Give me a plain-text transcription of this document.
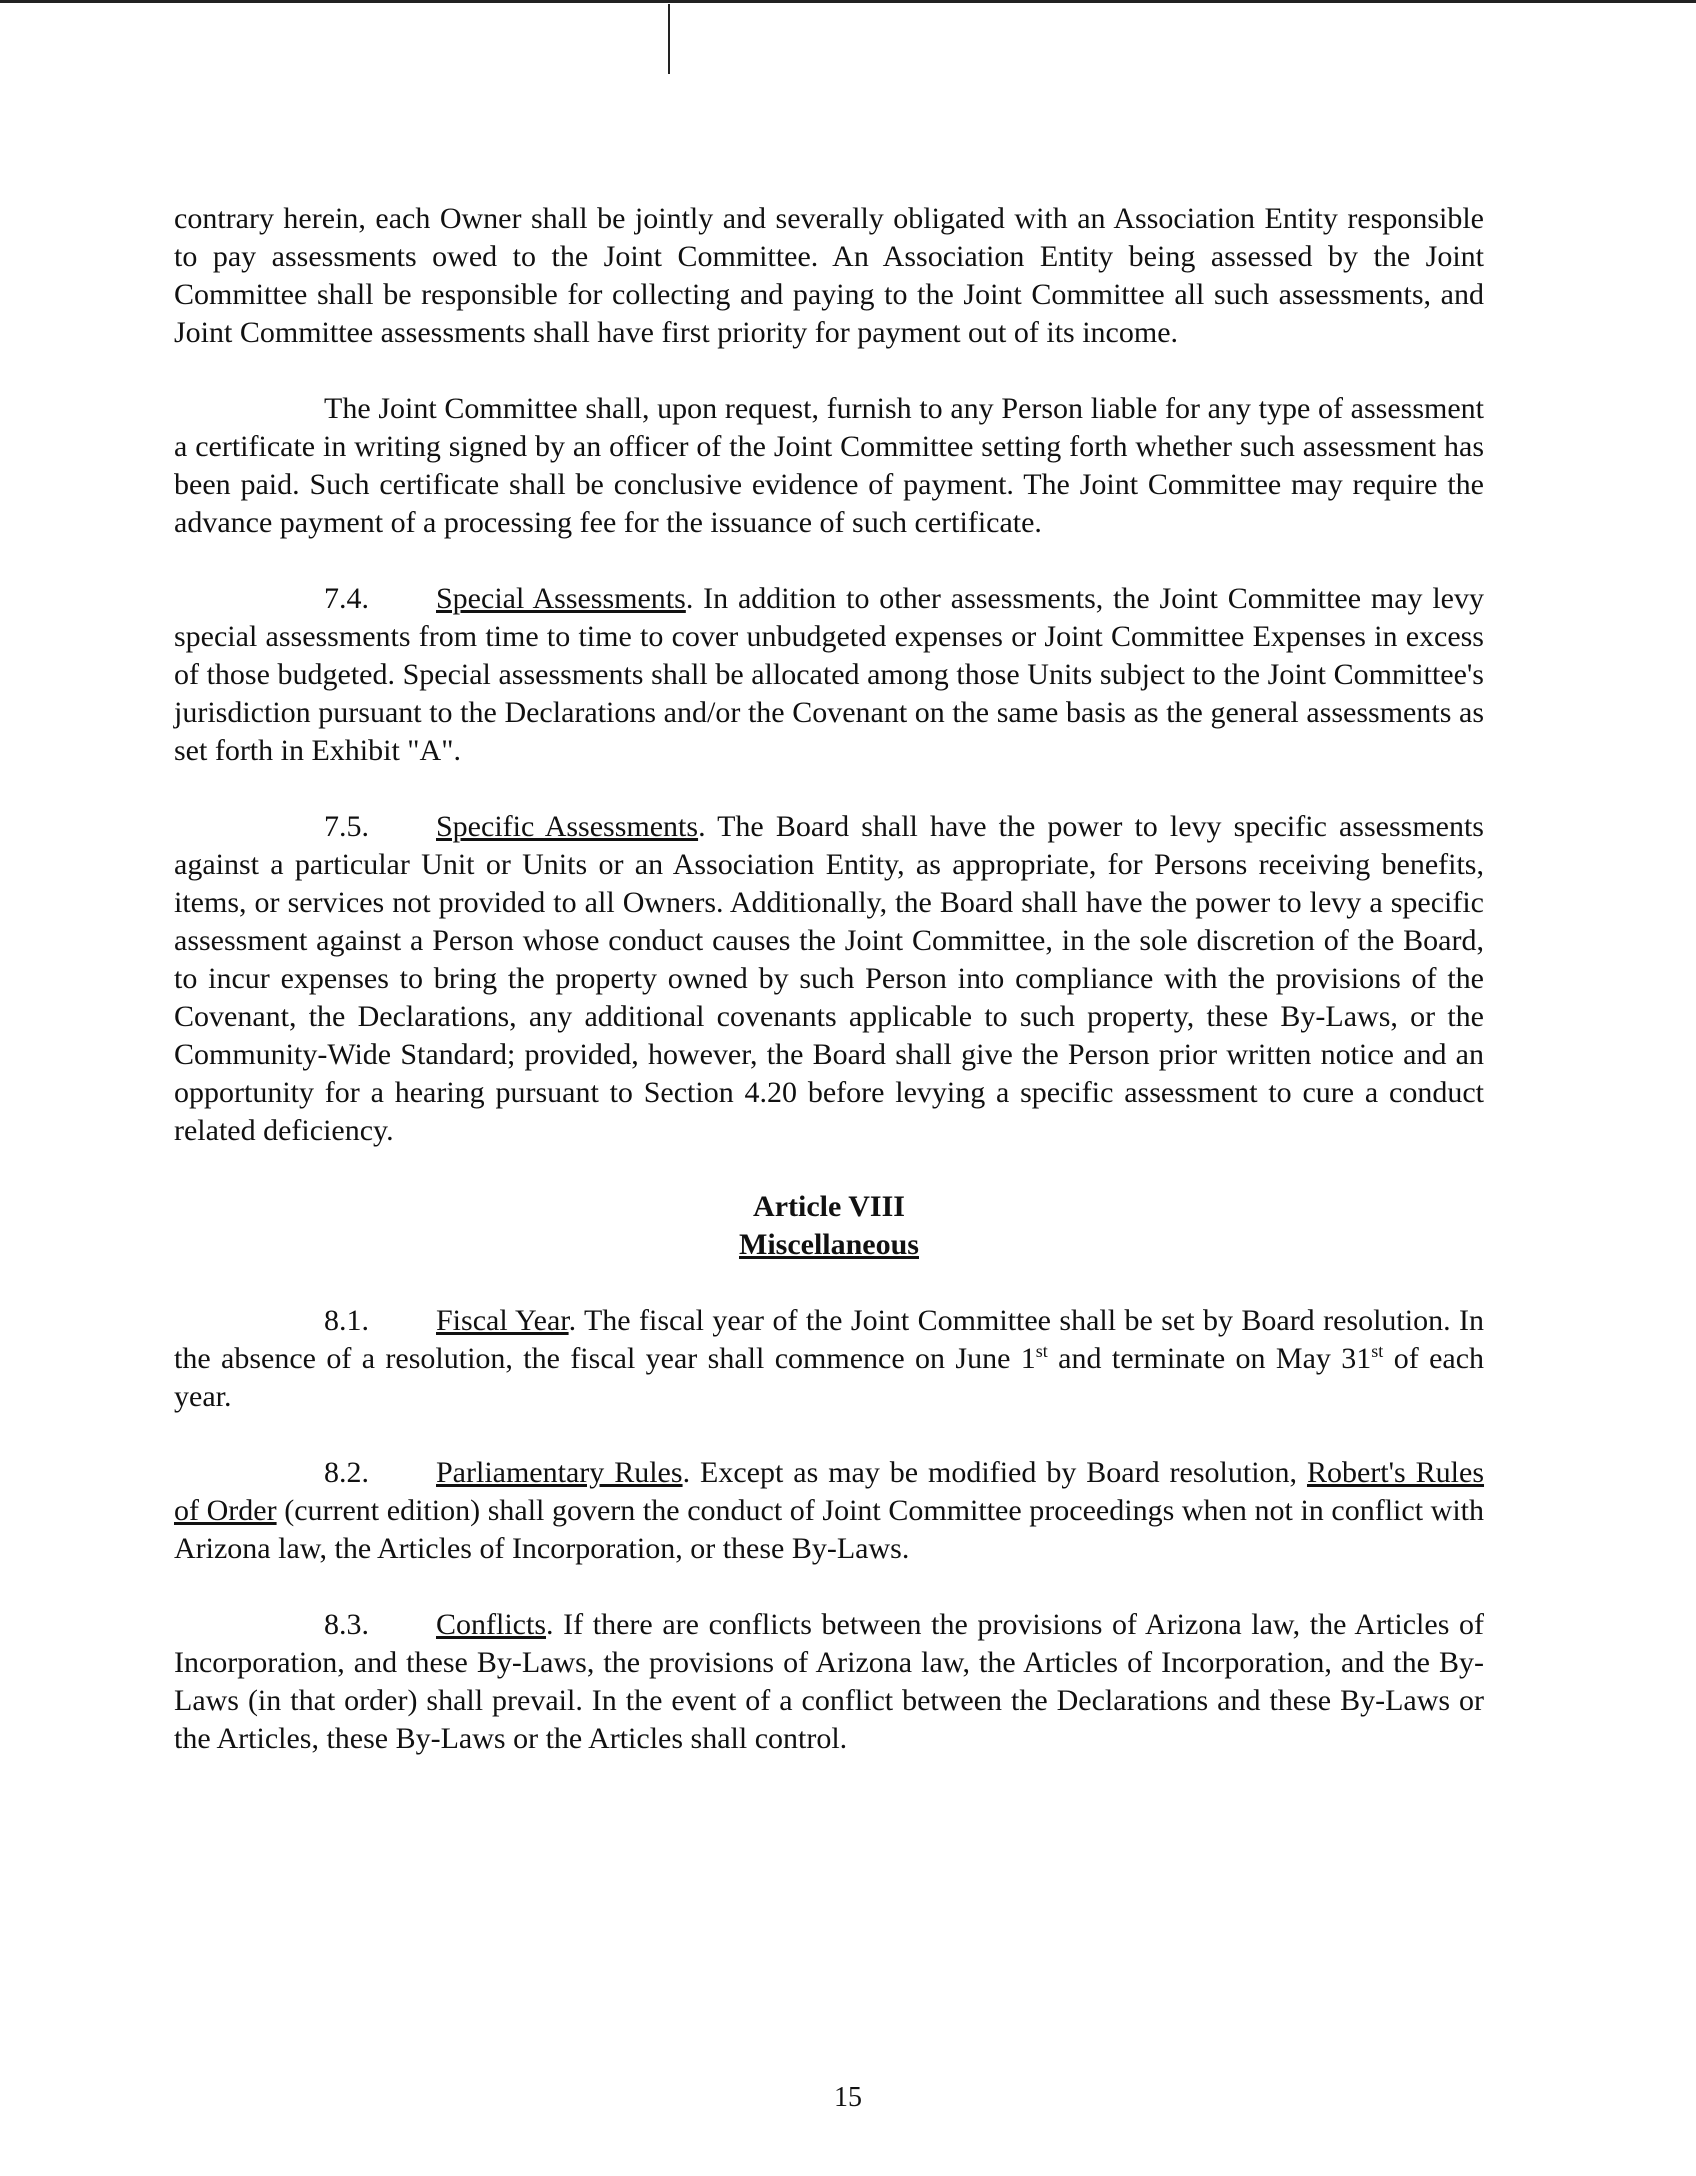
contrary herein, each Owner shall be jointly and severally obligated with an Association Entity responsible to pay assessments owed to the Joint Committee. An Association Entity being assessed by the Joint Committee shall be responsible for collecting and paying to the Joint Committee all such assessments, and Joint Committee assessments shall have first priority for payment out of its income.

The Joint Committee shall, upon request, furnish to any Person liable for any type of assessment a certificate in writing signed by an officer of the Joint Committee setting forth whether such assessment has been paid. Such certificate shall be conclusive evidence of payment. The Joint Committee may require the advance payment of a processing fee for the issuance of such certificate.

7.4. Special Assessments. In addition to other assessments, the Joint Committee may levy special assessments from time to time to cover unbudgeted expenses or Joint Committee Expenses in excess of those budgeted. Special assessments shall be allocated among those Units subject to the Joint Committee's jurisdiction pursuant to the Declarations and/or the Covenant on the same basis as the general assessments as set forth in Exhibit "A".

7.5. Specific Assessments. The Board shall have the power to levy specific assessments against a particular Unit or Units or an Association Entity, as appropriate, for Persons receiving benefits, items, or services not provided to all Owners. Additionally, the Board shall have the power to levy a specific assessment against a Person whose conduct causes the Joint Committee, in the sole discretion of the Board, to incur expenses to bring the property owned by such Person into compliance with the provisions of the Covenant, the Declarations, any additional covenants applicable to such property, these By-Laws, or the Community-Wide Standard; provided, however, the Board shall give the Person prior written notice and an opportunity for a hearing pursuant to Section 4.20 before levying a specific assessment to cure a conduct related deficiency.

Article VIII
Miscellaneous

8.1. Fiscal Year. The fiscal year of the Joint Committee shall be set by Board resolution. In the absence of a resolution, the fiscal year shall commence on June 1st and terminate on May 31st of each year.

8.2. Parliamentary Rules. Except as may be modified by Board resolution, Robert's Rules of Order (current edition) shall govern the conduct of Joint Committee proceedings when not in conflict with Arizona law, the Articles of Incorporation, or these By-Laws.

8.3. Conflicts. If there are conflicts between the provisions of Arizona law, the Articles of Incorporation, and these By-Laws, the provisions of Arizona law, the Articles of Incorporation, and the By-Laws (in that order) shall prevail. In the event of a conflict between the Declarations and these By-Laws or the Articles, these By-Laws or the Articles shall control.

15
